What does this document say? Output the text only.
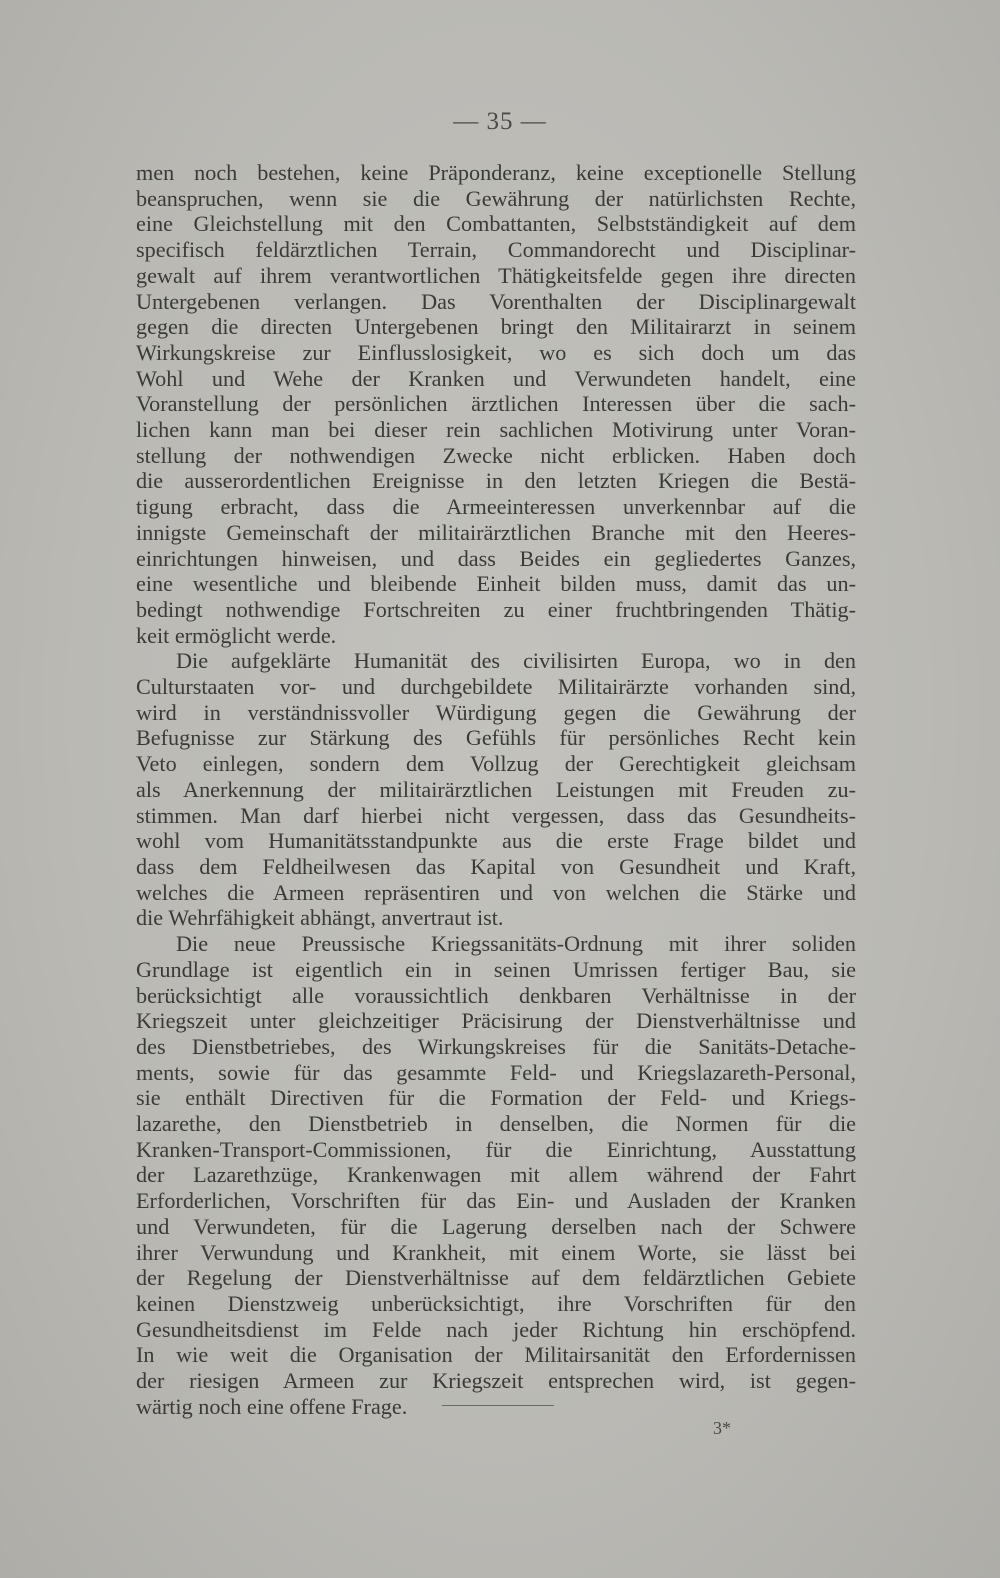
— 35 —

men noch bestehen, keine Präponderanz, keine exceptionelle Stellung

beanspruchen, wenn sie die Gewährung der natürlichsten Rechte,

eine Gleichstellung mit den Combattanten, Selbstständigkeit auf dem

specifisch feldärztlichen Terrain, Commandorecht und Disciplinar-

gewalt auf ihrem verantwortlichen Thätigkeitsfelde gegen ihre directen

Untergebenen verlangen. Das Vorenthalten der Disciplinargewalt

gegen die directen Untergebenen bringt den Militairarzt in seinem

Wirkungskreise zur Einflusslosigkeit, wo es sich doch um das

Wohl und Wehe der Kranken und Verwundeten handelt, eine

Voranstellung der persönlichen ärztlichen Interessen über die sach-

lichen kann man bei dieser rein sachlichen Motivirung unter Voran-

stellung der nothwendigen Zwecke nicht erblicken. Haben doch

die ausserordentlichen Ereignisse in den letzten Kriegen die Bestä-

tigung erbracht, dass die Armeeinteressen unverkennbar auf die

innigste Gemeinschaft der militairärztlichen Branche mit den Heeres-

einrichtungen hinweisen, und dass Beides ein gegliedertes Ganzes,

eine wesentliche und bleibende Einheit bilden muss, damit das un-

bedingt nothwendige Fortschreiten zu einer fruchtbringenden Thätig-

keit ermöglicht werde.

Die aufgeklärte Humanität des civilisirten Europa, wo in den

Culturstaaten vor- und durchgebildete Militairärzte vorhanden sind,

wird in verständnissvoller Würdigung gegen die Gewährung der

Befugnisse zur Stärkung des Gefühls für persönliches Recht kein

Veto einlegen, sondern dem Vollzug der Gerechtigkeit gleichsam

als Anerkennung der militairärztlichen Leistungen mit Freuden zu-

stimmen. Man darf hierbei nicht vergessen, dass das Gesundheits-

wohl vom Humanitätsstandpunkte aus die erste Frage bildet und

dass dem Feldheilwesen das Kapital von Gesundheit und Kraft,

welches die Armeen repräsentiren und von welchen die Stärke und

die Wehrfähigkeit abhängt, anvertraut ist.

Die neue Preussische Kriegssanitäts-Ordnung mit ihrer soliden

Grundlage ist eigentlich ein in seinen Umrissen fertiger Bau, sie

berücksichtigt alle voraussichtlich denkbaren Verhältnisse in der

Kriegszeit unter gleichzeitiger Präcisirung der Dienstverhältnisse und

des Dienstbetriebes, des Wirkungskreises für die Sanitäts-Detache-

ments, sowie für das gesammte Feld- und Kriegslazareth-Personal,

sie enthält Directiven für die Formation der Feld- und Kriegs-

lazarethe, den Dienstbetrieb in denselben, die Normen für die

Kranken-Transport-Commissionen, für die Einrichtung, Ausstattung

der Lazarethzüge, Krankenwagen mit allem während der Fahrt

Erforderlichen, Vorschriften für das Ein- und Ausladen der Kranken

und Verwundeten, für die Lagerung derselben nach der Schwere

ihrer Verwundung und Krankheit, mit einem Worte, sie lässt bei

der Regelung der Dienstverhältnisse auf dem feldärztlichen Gebiete

keinen Dienstzweig unberücksichtigt, ihre Vorschriften für den

Gesundheitsdienst im Felde nach jeder Richtung hin erschöpfend.

In wie weit die Organisation der Militairsanität den Erfordernissen

der riesigen Armeen zur Kriegszeit entsprechen wird, ist gegen-

wärtig noch eine offene Frage.

3*
